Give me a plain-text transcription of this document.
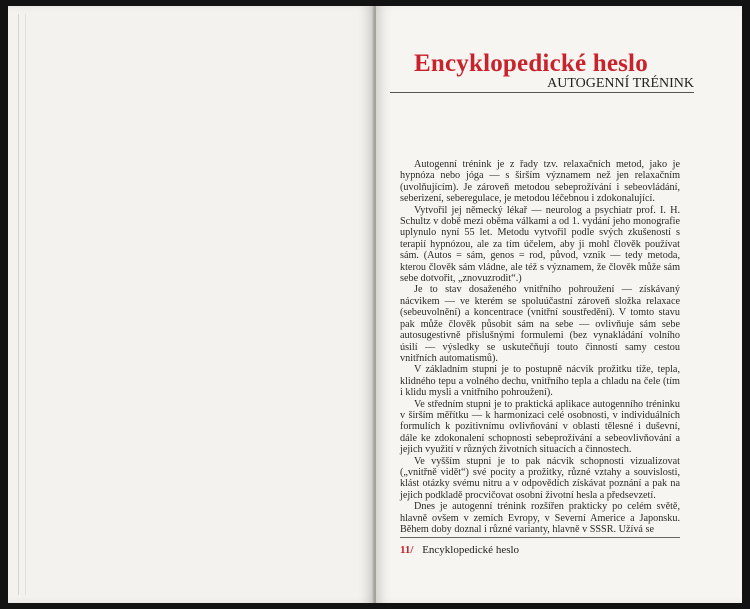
Encyklopedické heslo
AUTOGENNÍ TRÉNINK

Autogenní trénink je z řady tzv. relaxačních metod, jako je hypnóza nebo jóga — s širším významem než jen relaxačním (uvolňujícím). Je zároveň metodou sebeprožívání i sebeovládání, seberizení, seberegulace, je metodou léčebnou i zdokonalující.

Vytvořil jej německý lékař — neurolog a psychiatr prof. I. H. Schultz v době mezi oběma válkami a od 1. vydání jeho monografie uplynulo nyní 55 let. Metodu vytvořil podle svých zkušeností s terapií hypnózou, ale za tím účelem, aby ji mohl člověk používat sám. (Autos = sám, genos = rod, původ, vznik — tedy metoda, kterou člověk sám vládne, ale též s významem, že člověk může sám sebe dotvořit, „znovuzrodit“.)

Je to stav dosaženého vnitřního pohroužení — získávaný nácvikem — ve kterém se spoluúčastní zároveň složka relaxace (sebeuvolnění) a koncentrace (vnitřní soustředění). V tomto stavu pak může člověk působit sám na sebe — ovlivňuje sám sebe autosugestivně příslušnými formulemi (bez vynakládání volního úsilí — výsledky se uskutečňují touto činností samy cestou vnitřních automatismů).

V základním stupni je to postupně nácvik prožitku tíže, tepla, klidného tepu a volného dechu, vnitřního tepla a chladu na čele (tím i klidu mysli a vnitřního pohroužení).

Ve středním stupni je to praktická aplikace autogenního tréninku v širším měřítku — k harmonizaci celé osobnosti, v individuálních formulích k pozitivnímu ovlivňování v oblasti tělesné i duševní, dále ke zdokonalení schopnosti sebeprožívání a sebeovlivňování a jejich využití v různých životních situacích a činnostech.

Ve vyšším stupni je to pak nácvik schopnosti vizualizovat („vnitřně vidět“) své pocity a prožitky, různé vztahy a souvislosti, klást otázky svému nitru a v odpovědích získávat poznání a pak na jejich podkladě procvičovat osobní životní hesla a předsevzetí.

Dnes je autogenní trénink rozšířen prakticky po celém světě, hlavně ovšem v zemích Evropy, v Severní Americe a Japonsku. Během doby doznal i různé varianty, hlavně v SSSR. Užívá se

11/ Encyklopedické heslo
